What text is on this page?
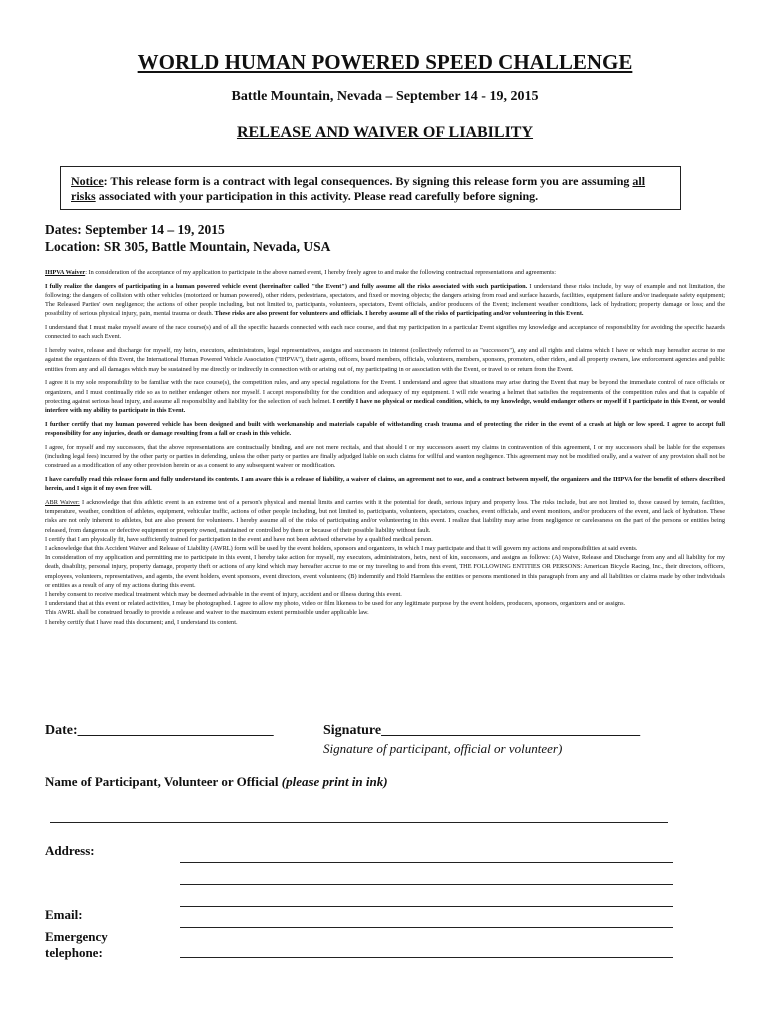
WORLD HUMAN POWERED SPEED CHALLENGE
Battle Mountain, Nevada – September 14 - 19, 2015
RELEASE AND WAIVER OF LIABILITY
Notice: This release form is a contract with legal consequences. By signing this release form you are assuming all risks associated with your participation in this activity. Please read carefully before signing.
Dates: September 14 – 19, 2015
Location: SR 305, Battle Mountain, Nevada, USA

IHPVA Waiver: In consideration of the acceptance of my application to participate in the above named event, I hereby freely agree to and make the following contractual representations and agreements:

I fully realize the dangers of participating in a human powered vehicle event (hereinafter called "the Event") and fully assume all the risks associated with such participation. I understand these risks include, by way of example and not limitation, the following: the dangers of collision with other vehicles (motorized or human powered), other riders, pedestrians, spectators, and fixed or moving objects; the dangers arising from road and surface hazards, facilities, equipment failure and/or inadequate safety equipment; The Released Parties' own negligence; the actions of other people including, but not limited to, participants, volunteers, spectators, Event officials, and/or producers of the Event; inclement weather conditions, lack of hydration; property damage or loss; and the possibility of serious physical injury, pain, mental trauma or death. These risks are also present for volunteers and officials. I hereby assume all of the risks of participating and/or volunteering in this Event.

I understand that I must make myself aware of the race course(s) and of all the specific hazards connected with each race course, and that my participation in a particular Event signifies my knowledge and acceptance of responsibility for avoiding the specific hazards connected to each such Event.

I hereby waive, release and discharge for myself, my heirs, executors, administrators, legal representatives, assigns and successors in interest (collectively referred to as "successors"), any and all rights and claims which I have or which may hereafter accrue to me against the organizers of this Event, the International Human Powered Vehicle Association ("IHPVA"), their agents, officers, board members, officials, volunteers, members, sponsors, promoters, other riders, and all property owners, law enforcement agencies and public entities from any and all damages which may be sustained by me directly or indirectly in connection with or arising out of, my participating in or association with the Event, or travel to or return from the Event.

I agree it is my sole responsibility to be familiar with the race course(s), the competition rules, and any special regulations for the Event. I understand and agree that situations may arise during the Event that may be beyond the immediate control of race officials or organizers, and I must continually ride so as to neither endanger others nor myself. I accept responsibility for the condition and adequacy of my equipment. I will ride wearing a helmet that satisfies the requirements of the competition rules and that is capable of protecting against serious head injury, and assume all responsibility and liability for the selection of such helmet. I certify I have no physical or medical condition, which, to my knowledge, would endanger others or myself if I participate in this Event, or would interfere with my ability to participate in this Event.

I further certify that my human powered vehicle has been designed and built with workmanship and materials capable of withstanding crash trauma and of protecting the rider in the event of a crash at high or low speed. I agree to accept full responsibility for any injuries, death or damage resulting from a fall or crash in this vehicle.

I agree, for myself and my successors, that the above representations are contractually binding, and are not mere recitals, and that should I or my successors assert my claims in contravention of this agreement, I or my successors shall be liable for the expenses (including legal fees) incurred by the other party or parties in defending, unless the other party or parties are finally adjudged liable on such claims for willful and wanton negligence. This agreement may not be modified orally, and a waiver of any provision shall not be construed as a modification of any other provision herein or as a consent to any subsequent waiver or modification.

I have carefully read this release form and fully understand its contents. I am aware this is a release of liability, a waiver of claims, an agreement not to sue, and a contract between myself, the organizers and the IHPVA for the benefit of others described herein, and I sign it of my own free will.

ABR Waiver: I acknowledge that this athletic event is an extreme test of a person's physical and mental limits and carries with it the potential for death, serious injury and property loss. The risks include, but are not limited to, those caused by terrain, facilities, temperature, weather, condition of athletes, equipment, vehicular traffic, actions of other people including, but not limited to, participants, volunteers, spectators, coaches, event officials, and event monitors, and/or producers of the event, and lack of hydration. These risks are not only inherent to athletes, but are also present for volunteers. I hereby assume all of the risks of participating and/or volunteering in this event. I realize that liability may arise from negligence or carelessness on the part of the persons or entities being released, from dangerous or defective equipment or property owned, maintained or controlled by them or because of their possible liability without fault.

I certify that I am physically fit, have sufficiently trained for participation in the event and have not been advised otherwise by a qualified medical person.

I acknowledge that this Accident Waiver and Release of Liability (AWRL) form will be used by the event holders, sponsors and organizers, in which I may participate and that it will govern my actions and responsibilities at said events.

In consideration of my application and permitting me to participate in this event, I hereby take action for myself, my executors, administrators, heirs, next of kin, successors, and assigns as follows: (A) Waive, Release and Discharge from any and all liability for my death, disability, personal injury, property damage, property theft or actions of any kind which may hereafter accrue to me or my traveling to and from this event, THE FOLLOWING ENTITIES OR PERSONS: American Bicycle Racing, Inc., their directors, officers, employees, volunteers, representatives, and agents, the event holders, event sponsors, event directors, event volunteers; (B) indemnify and Hold Harmless the entities or persons mentioned in this paragraph from any and all liabilities or claims made by other individuals or entities as a result of any of my actions during this event.

I hereby consent to receive medical treatment which may be deemed advisable in the event of injury, accident and or illness during this event.

I understand that at this event or related activities, I may be photographed. I agree to allow my photo, video or film likeness to be used for any legitimate purpose by the event holders, producers, sponsors, organizers and or assigns.

This AWRL shall be construed broadly to provide a release and waiver to the maximum extent permissible under applicable law.

I hereby certify that I have read this document; and, I understand its content.

Date:____________________________	Signature_____________________________________
Signature of participant, official or volunteer)
Name of Participant, Volunteer or Official (please print in ink)
Address:
Email:
Emergency
telephone:
